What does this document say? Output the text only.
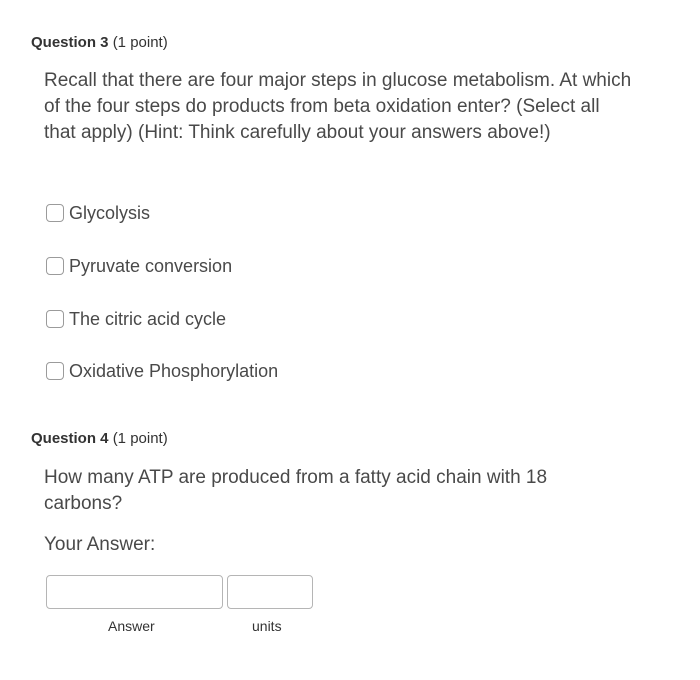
Question 3 (1 point)
Recall that there are four major steps in glucose metabolism. At which of the four steps do products from beta oxidation enter? (Select all that apply) (Hint: Think carefully about your answers above!)
Glycolysis
Pyruvate conversion
The citric acid cycle
Oxidative Phosphorylation
Question 4 (1 point)
How many ATP are produced from a fatty acid chain with 18 carbons?
Your Answer:
Answer	units
